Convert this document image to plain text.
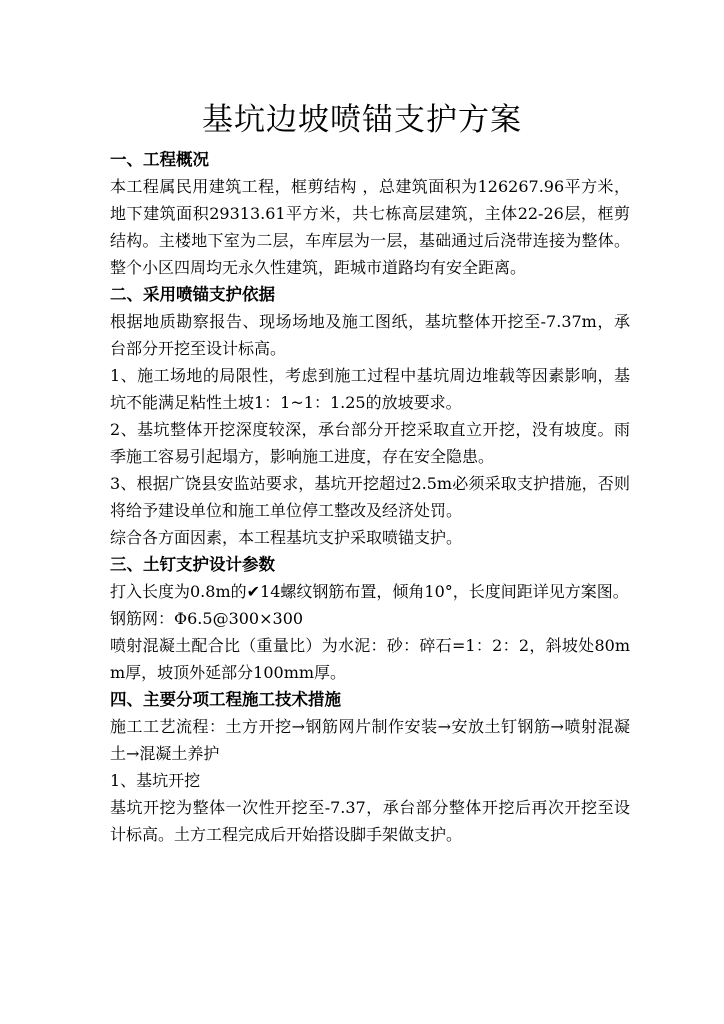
基坑边坡喷锚支护方案
一、工程概况
本工程属民用建筑工程，框剪结构 ，总建筑面积为126267.96平方米，地下建筑面积29313.61平方米，共七栋高层建筑，主体22-26层，框剪结构。主楼地下室为二层，车库层为一层，基础通过后浇带连接为整体。整个小区四周均无永久性建筑，距城市道路均有安全距离。
二、采用喷锚支护依据
根据地质勘察报告、现场场地及施工图纸，基坑整体开挖至-7.37m，承台部分开挖至设计标高。
1、施工场地的局限性，考虑到施工过程中基坑周边堆载等因素影响，基坑不能满足粘性土坡1：1~1：1.25的放坡要求。
2、基坑整体开挖深度较深，承台部分开挖采取直立开挖，没有坡度。雨季施工容易引起塌方，影响施工进度，存在安全隐患。
3、根据广饶县安监站要求，基坑开挖超过2.5m必须采取支护措施，否则将给予建设单位和施工单位停工整改及经济处罚。
综合各方面因素，本工程基坑支护采取喷锚支护。
三、土钉支护设计参数
打入长度为0.8m的✔14螺纹钢筋布置，倾角10°，长度间距详见方案图。
钢筋网：Φ6.5@300×300
喷射混凝土配合比（重量比）为水泥：砂：碎石=1：2：2，斜坡处80mm厚，坡顶外延部分100mm厚。
四、主要分项工程施工技术措施
施工工艺流程：土方开挖→钢筋网片制作安装→安放土钉钢筋→喷射混凝土→混凝土养护
1、基坑开挖
基坑开挖为整体一次性开挖至-7.37，承台部分整体开挖后再次开挖至设计标高。土方工程完成后开始搭设脚手架做支护。
